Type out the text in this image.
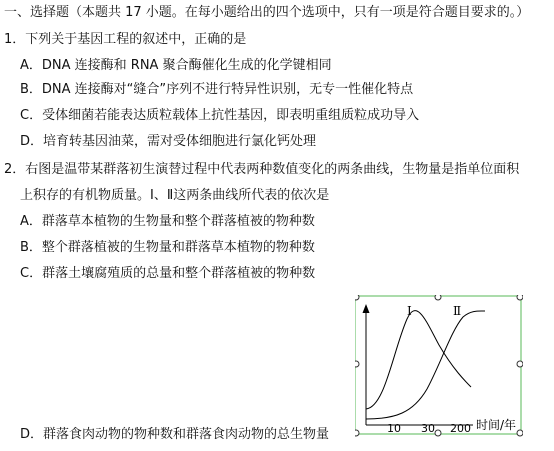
一、选择题（本题共 17 小题。在每小题给出的四个选项中，只有一项是符合题目要求的。）
1．下列关于基因工程的叙述中，正确的是
A．DNA 连接酶和 RNA 聚合酶催化生成的化学键相同
B．DNA 连接酶对“缝合”序列不进行特异性识别，无专一性催化特点
C．受体细菌若能表达质粒载体上抗性基因，即表明重组质粒成功导入
D．培育转基因油菜，需对受体细胞进行氯化钙处理
2．右图是温带某群落初生演替过程中代表两种数值变化的两条曲线，生物量是指单位面积
上积存的有机物质量。Ⅰ、Ⅱ这两条曲线所代表的依次是
A．群落草本植物的生物量和整个群落植被的物种数
B．整个群落植被的生物量和群落草本植物的物种数
C．群落土壤腐殖质的总量和整个群落植被的物种数
D．群落食肉动物的物种数和群落食肉动物的总生物量
Ⅰ	Ⅱ
10 30 200 时间/年
